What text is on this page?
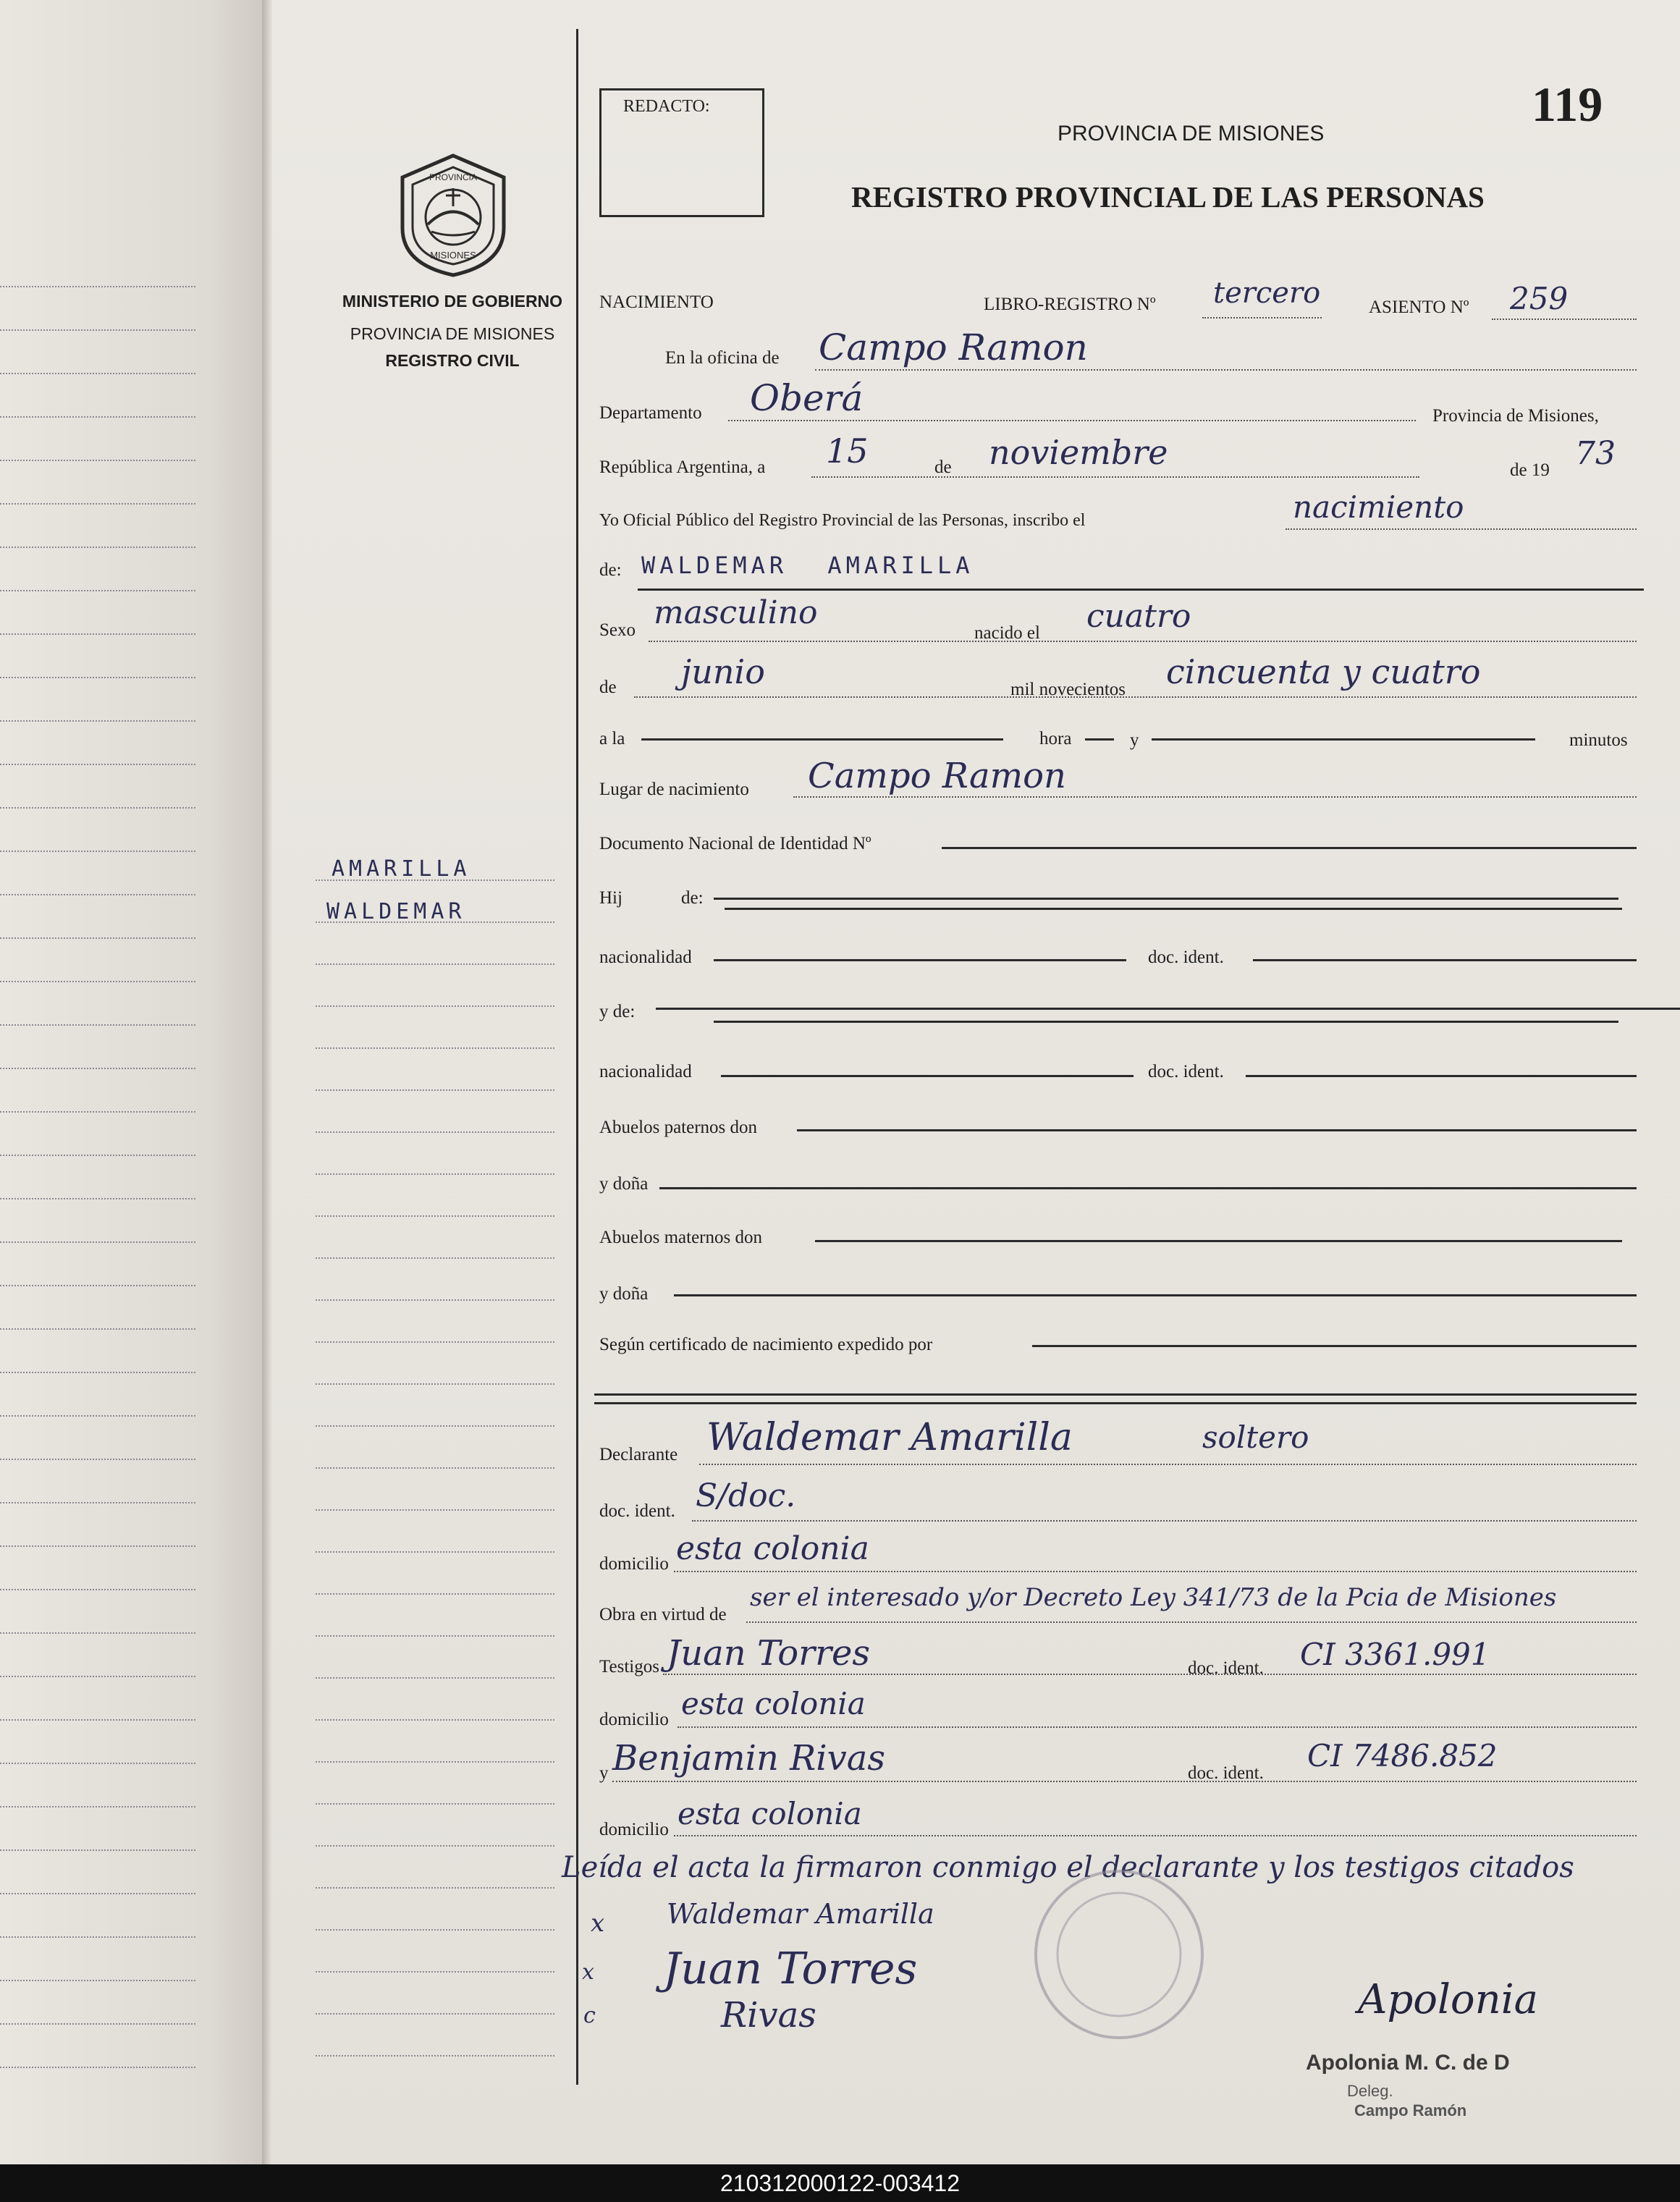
PROVINCIA
MISIONES
MINISTERIO DE GOBIERNO
PROVINCIA DE MISIONES
REGISTRO CIVIL
AMARILLA
WALDEMAR
REDACTO:	119
PROVINCIA DE MISIONES
REGISTRO PROVINCIAL DE LAS PERSONAS
NACIMIENTO	LIBRO-REGISTRO Nº tercero	ASIENTO Nº 259
En la oficina de Campo Ramon
Departamento Oberá	Provincia de Misiones,
República Argentina, a 15	de noviembre	de 19 73
Yo Oficial Público del Registro Provincial de las Personas, inscribo el	nacimiento
de: WALDEMAR AMARILLA
Sexo masculino
nacido el cuatro
de junio	mil novecientos cincuenta y cuatro
a la	hora	y	minutos
Lugar de nacimiento Campo Ramon
Documento Nacional de Identidad Nº
Hij	de:
nacionalidad	doc. ident.
y de:
nacionalidad	doc. ident.
Abuelos paternos don
y doña
Abuelos maternos don
y doña
Según certificado de nacimiento expedido por
Declarante Waldemar Amarilla	soltero
doc. ident. S/doc.
domicilio esta colonia
Obra en virtud de
ser el interesado y/or Decreto Ley 341/73 de la Pcia de Misiones
Testigos Juan Torres	doc. ident. CI 3361.991
domicilio esta colonia
y Benjamin Rivas	doc. ident. CI 7486.852
domicilio esta colonia
Leída el acta la firmaron conmigo el declarante y los testigos citados
x Waldemar Amarilla
x Juan Torres
c	Rivas	Apolonia
Apolonia M. C. de D
Deleg.
Campo Ramón
210312000122-003412
